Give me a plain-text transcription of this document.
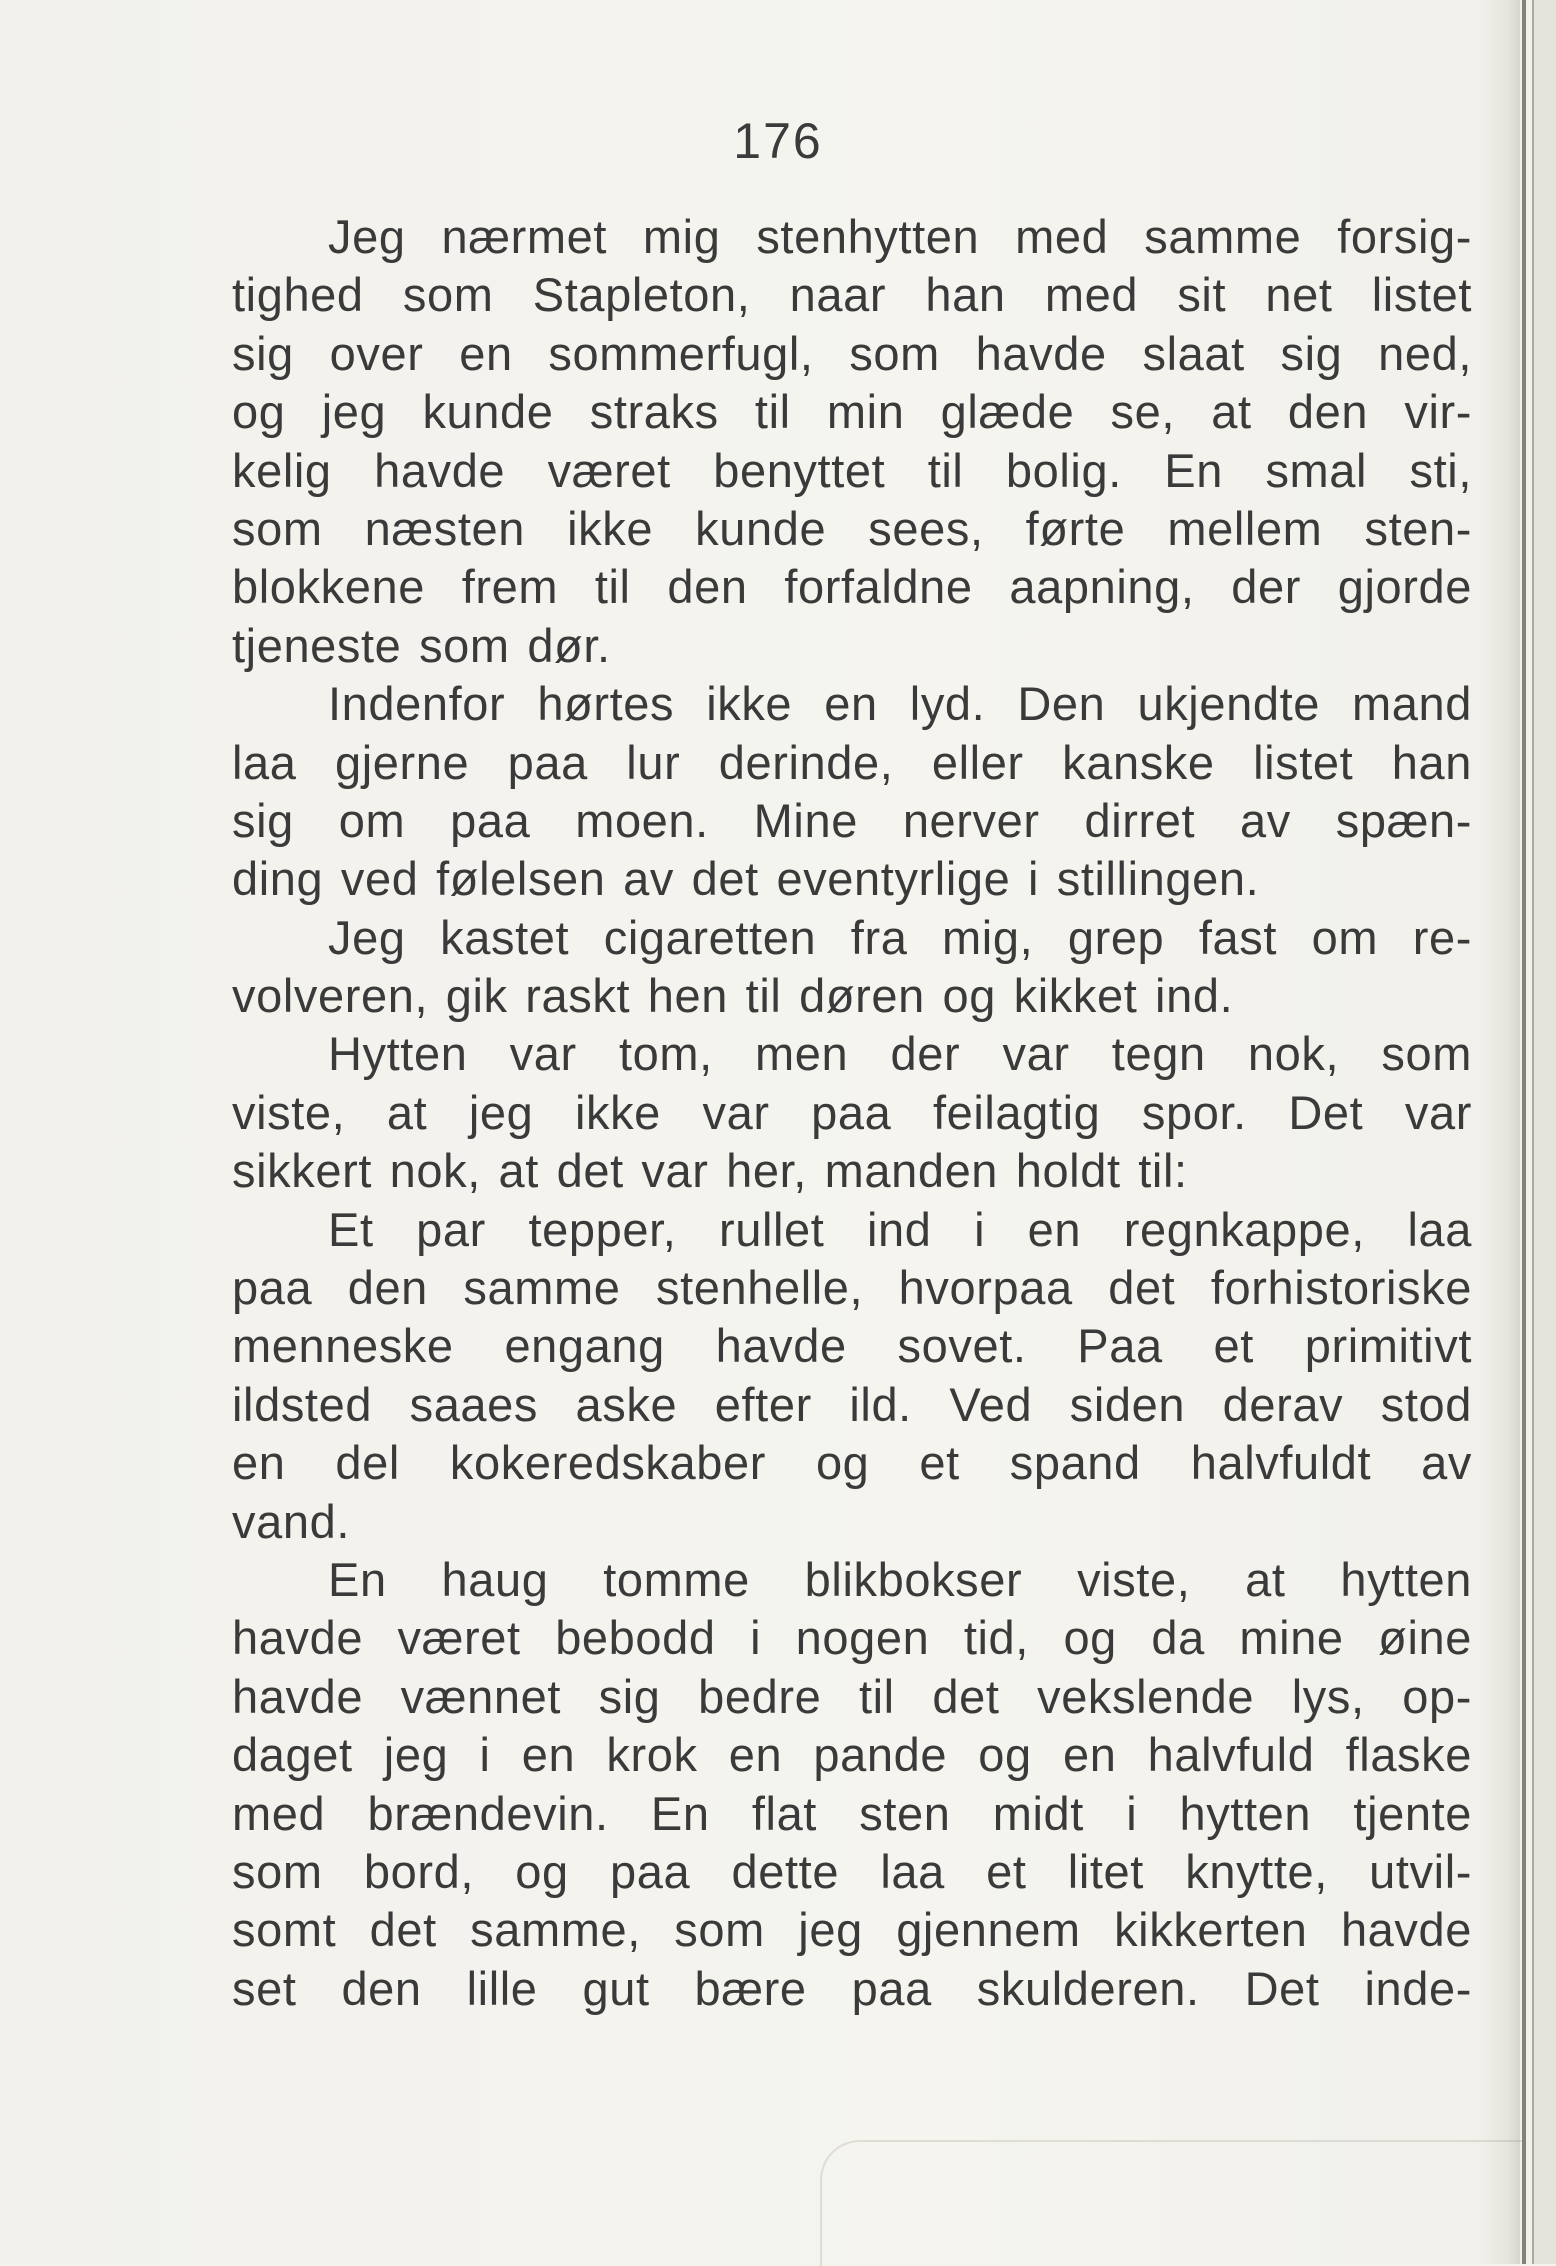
176
Jeg nærmet mig stenhytten med samme forsig-
tighed som Stapleton, naar han med sit net listet
sig over en sommerfugl, som havde slaat sig ned,
og jeg kunde straks til min glæde se, at den vir-
kelig havde været benyttet til bolig. En smal sti,
som næsten ikke kunde sees, førte mellem sten-
blokkene frem til den forfaldne aapning, der gjorde
tjeneste som dør.
Indenfor hørtes ikke en lyd. Den ukjendte mand
laa gjerne paa lur derinde, eller kanske listet han
sig om paa moen. Mine nerver dirret av spæn-
ding ved følelsen av det eventyrlige i stillingen.
Jeg kastet cigaretten fra mig, grep fast om re-
volveren, gik raskt hen til døren og kikket ind.
Hytten var tom, men der var tegn nok, som
viste, at jeg ikke var paa feilagtig spor. Det var
sikkert nok, at det var her, manden holdt til:
Et par tepper, rullet ind i en regnkappe, laa
paa den samme stenhelle, hvorpaa det forhistoriske
menneske engang havde sovet. Paa et primitivt
ildsted saaes aske efter ild. Ved siden derav stod
en del kokeredskaber og et spand halvfuldt av
vand.
En haug tomme blikbokser viste, at hytten
havde været bebodd i nogen tid, og da mine øine
havde vænnet sig bedre til det vekslende lys, op-
daget jeg i en krok en pande og en halvfuld flaske
med brændevin. En flat sten midt i hytten tjente
som bord, og paa dette laa et litet knytte, utvil-
somt det samme, som jeg gjennem kikkerten havde
set den lille gut bære paa skulderen. Det inde-
